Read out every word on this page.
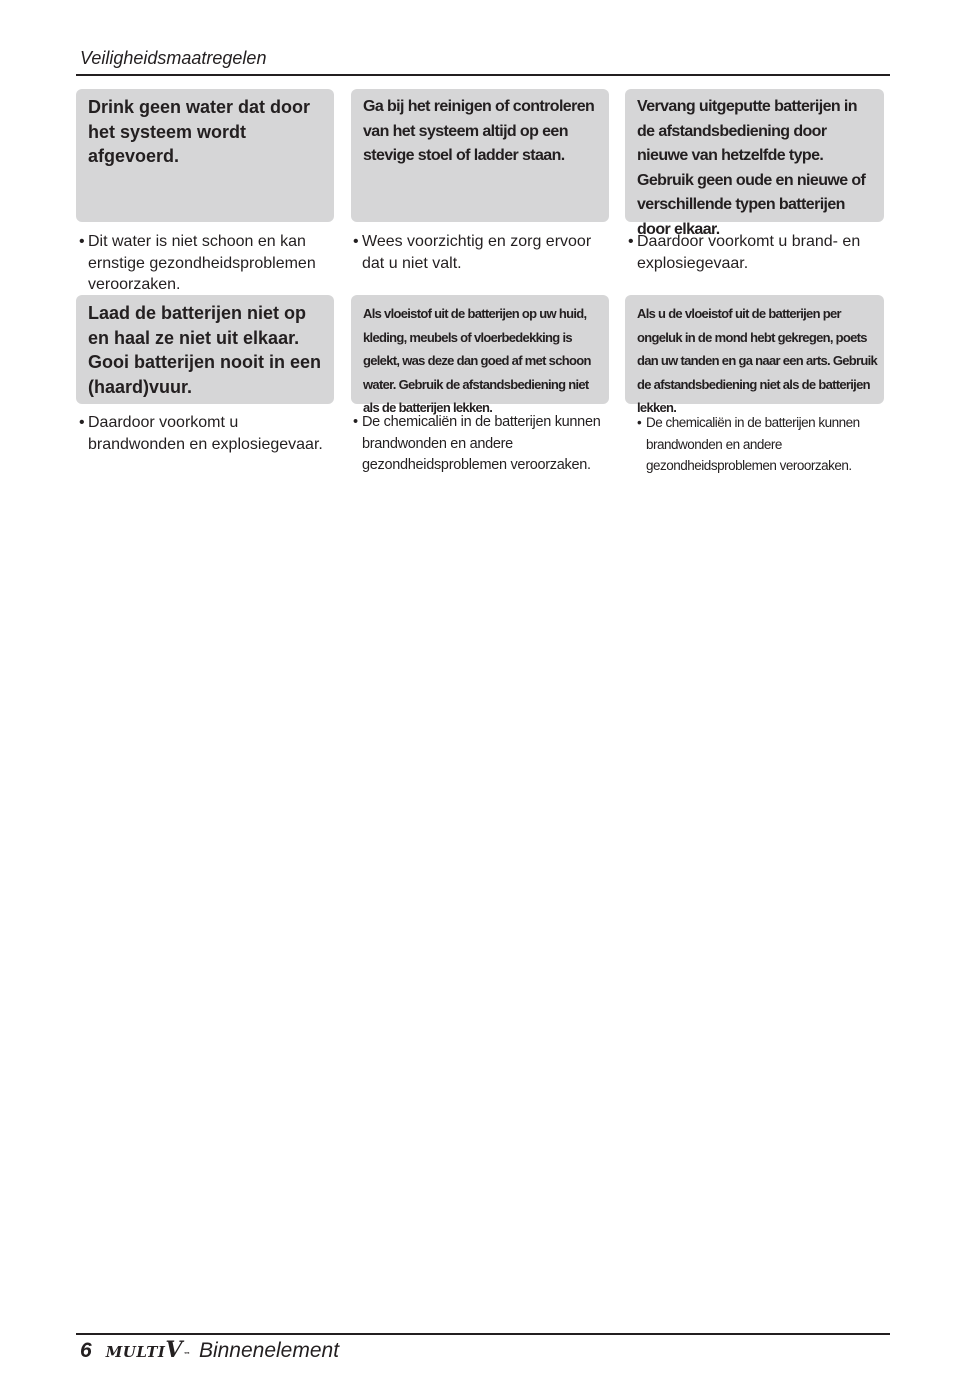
Veiligheidsmaatregelen
Drink geen water dat door het systeem wordt afgevoerd.
• Dit water is niet schoon en kan ernstige gezondheidsproblemen veroorzaken.
Ga bij het reinigen of controleren van het systeem altijd op een stevige stoel of ladder staan.
• Wees voorzichtig en zorg ervoor dat u niet valt.
Vervang uitgeputte batterijen in de afstandsbediening door nieuwe van hetzelfde type. Gebruik geen oude en nieuwe of verschillende typen batterijen door elkaar.
• Daardoor voorkomt u brand- en explosiegevaar.
Laad de batterijen niet op en haal ze niet uit elkaar. Gooi batterijen nooit in een (haard)vuur.
• Daardoor voorkomt u brandwonden en explosiegevaar.
Als vloeistof uit de batterijen op uw huid, kleding, meubels of vloerbedekking is gelekt, was deze dan goed af met schoon water. Gebruik de afstandsbediening niet als de batterijen lekken.
• De chemicaliën in de batterijen kunnen brandwonden en andere gezondheidsproblemen veroorzaken.
Als u de vloeistof uit de batterijen per ongeluk in de mond hebt gekregen, poets dan uw tanden en ga naar een arts. Gebruik de afstandsbediening niet als de batterijen lekken.
• De chemicaliën in de batterijen kunnen brandwonden en andere gezondheidsproblemen veroorzaken.
6 MULTIV™ Binnenelement
